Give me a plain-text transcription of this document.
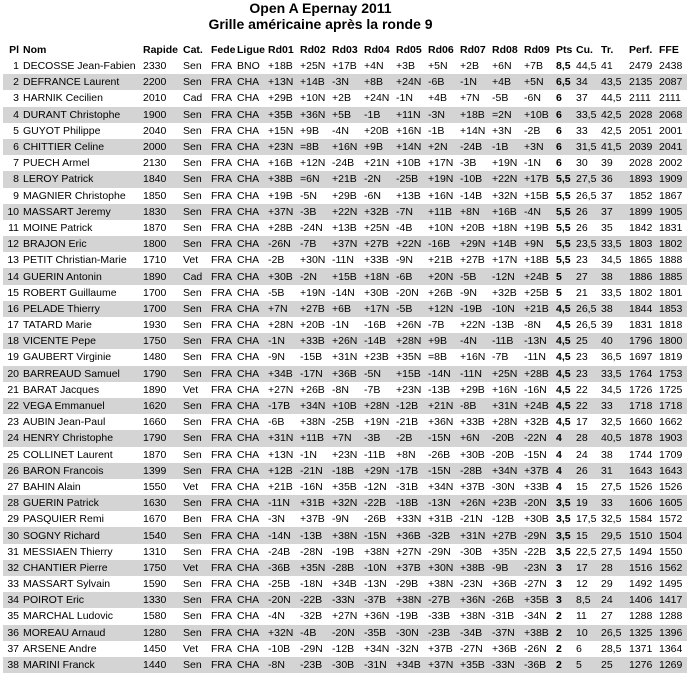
Open A Epernay 2011
Grille américaine après la ronde 9
Pl	Nom	Rapide	Cat.	Fede	Ligue	Rd01	Rd02	Rd03	Rd04	Rd05	Rd06	Rd07	Rd08	Rd09	Pts	Cu.	Tr.	Perf.	FFE
1	DECOSSE Jean-Fabien	2330	Sen	FRA	BNO	+18B	+25N	+17B	+4N	+3B	+5N	+2B	+6N	+7B	8,5	44,5	41	2479	2438
2	DEFRANCE Laurent	2200	Sen	FRA	CHA	+13N	+14B	-3N	+8B	+24N	-6B	-1N	+4B	+5N	6,5	34	43,5	2135	2087
3	HARNIK Cecilien	2010	Cad	FRA	CHA	+29B	+10N	+2B	+24N	-1N	+4B	+7N	-5B	-6N	6	37	44,5	2111	2111
4	DURANT Christophe	1900	Sen	FRA	CHA	+35B	+36N	+5B	-1B	+11N	-3N	+18B	=2N	+10B	6	33,5	42,5	2028	2068
5	GUYOT Philippe	2040	Sen	FRA	CHA	+15N	+9B	-4N	+20B	+16N	-1B	+14N	+3N	-2B	6	33	42,5	2051	2001
6	CHITTIER Celine	2000	Sen	FRA	CHA	+23N	=8B	+16N	+9B	+14N	+2N	-24B	-1B	+3N	6	31,5	41,5	2039	2041
7	PUECH Armel	2130	Sen	FRA	CHA	+16B	+12N	-24B	+21N	+10B	+17N	-3B	+19N	-1N	6	30	39	2028	2002
8	LEROY Patrick	1840	Sen	FRA	CHA	+38B	=6N	+21B	-2N	-25B	+19N	-10B	+22N	+17B	5,5	27,5	36	1893	1909
9	MAGNIER Christophe	1850	Sen	FRA	CHA	+19B	-5N	+29B	-6N	+13B	+16N	-14B	+32N	+15B	5,5	26,5	37	1852	1867
10	MASSART Jeremy	1830	Sen	FRA	CHA	+37N	-3B	+22N	+32B	-7N	+11B	+8N	+16B	-4N	5,5	26	37	1899	1905
11	MOINE Patrick	1870	Sen	FRA	CHA	+28B	-24N	+13B	+25N	-4B	+10N	+20B	+18N	+19B	5,5	26	35	1842	1831
12	BRAJON Eric	1800	Sen	FRA	CHA	-26N	-7B	+37N	+27B	+22N	-16B	+29N	+14B	+9N	5,5	23,5	33,5	1803	1802
13	PETIT Christian-Marie	1710	Vet	FRA	CHA	-2B	+30N	-11N	+33B	-9N	+21B	+27B	+17N	+18B	5,5	23	34,5	1865	1888
14	GUERIN Antonin	1890	Cad	FRA	CHA	+30B	-2N	+15B	+18N	-6B	+20N	-5B	-12N	+24B	5	27	38	1886	1885
15	ROBERT Guillaume	1700	Sen	FRA	CHA	-5B	+19N	-14N	+30B	-20N	+26B	-9N	+32B	+25B	5	21	33,5	1802	1801
16	PELADE Thierry	1700	Sen	FRA	CHA	+7N	+27B	+6B	+17N	-5B	+12N	-19B	-10N	+21B	4,5	26,5	38	1844	1853
17	TATARD Marie	1930	Sen	FRA	CHA	+28N	+20B	-1N	-16B	+26N	-7B	+22N	-13B	-8N	4,5	26,5	39	1831	1818
18	VICENTE Pepe	1750	Sen	FRA	CHA	-1N	+33B	+26N	-14B	+28N	+9B	-4N	-11B	-13N	4,5	25	40	1796	1800
19	GAUBERT Virginie	1480	Sen	FRA	CHA	-9N	-15B	+31N	+23B	+35N	=8B	+16N	-7B	-11N	4,5	23	36,5	1697	1819
20	BARREAUD Samuel	1790	Sen	FRA	CHA	+34B	-17N	+36B	-5N	+15B	-14N	-11N	+25N	+28B	4,5	23	33,5	1764	1753
21	BARAT Jacques	1890	Vet	FRA	CHA	+27N	+26B	-8N	-7B	+23N	-13B	+29B	+16N	-16N	4,5	22	34,5	1726	1725
22	VEGA Emmanuel	1620	Sen	FRA	CHA	-17B	+34N	+10B	+28N	-12B	+21N	-8B	+31N	+24B	4,5	22	33	1718	1718
23	AUBIN Jean-Paul	1660	Sen	FRA	CHA	-6B	+38N	-25B	+19N	-21B	+36N	+33B	+28N	+32B	4,5	17	32,5	1660	1662
24	HENRY Christophe	1790	Sen	FRA	CHA	+31N	+11B	+7N	-3B	-2B	-15N	+6N	-20B	-22N	4	28	40,5	1878	1903
25	COLLINET Laurent	1870	Sen	FRA	CHA	+13N	-1N	+23N	-11B	+8N	-26B	+30B	-20B	-15N	4	24	38	1744	1709
26	BARON Francois	1399	Sen	FRA	CHA	+12B	-21N	-18B	+29N	-17B	-15N	-28B	+34N	+37B	4	26	31	1643	1643
27	BAHIN Alain	1550	Vet	FRA	CHA	+21B	-16N	+35B	-12N	-31B	+34N	+37B	-30N	+33B	4	15	27,5	1526	1526
28	GUERIN Patrick	1630	Sen	FRA	CHA	-11N	+31B	+32N	-22B	-18B	-13N	+26N	+23B	-20N	3,5	19	33	1606	1605
29	PASQUIER Remi	1670	Ben	FRA	CHA	-3N	+37B	-9N	-26B	+33N	+31B	-21N	-12B	+30B	3,5	17,5	32,5	1584	1572
30	SOGNY Richard	1540	Sen	FRA	CHA	-14N	-13B	+38N	-15N	+36B	-32B	+31N	+27B	-29N	3,5	15	29,5	1510	1504
31	MESSIAEN Thierry	1310	Sen	FRA	CHA	-24B	-28N	-19B	+38N	+27N	-29N	-30B	+35N	-22B	3,5	22,5	27,5	1494	1550
32	CHANTIER Pierre	1750	Vet	FRA	CHA	-36B	+35N	-28B	-10N	+37B	+30N	+38B	-9B	-23N	3	17	28	1516	1562
33	MASSART Sylvain	1590	Sen	FRA	CHA	-25B	-18N	+34B	-13N	-29B	+38N	-23N	+36B	-27N	3	12	29	1492	1495
34	POIROT Eric	1330	Sen	FRA	CHA	-20N	-22B	-33N	-37B	+38N	-27B	+36N	-26B	+35B	3	8,5	24	1406	1417
35	MARCHAL Ludovic	1580	Sen	FRA	CHA	-4N	-32B	+27N	+36N	-19B	-33B	+38N	-31B	-34N	2	11	27	1288	1288
36	MOREAU Arnaud	1280	Sen	FRA	CHA	+32N	-4B	-20N	-35B	-30N	-23B	-34B	-37N	+38B	2	10	26,5	1325	1396
37	ARSENE Andre	1450	Vet	FRA	CHA	-10B	-29N	-12B	+34N	-32N	+37B	-27N	+36B	-26N	2	6	28,5	1371	1364
38	MARINI Franck	1440	Sen	FRA	CHA	-8N	-23B	-30B	-31N	+34B	+37N	+35B	-33N	-36B	2	5	25	1276	1269
